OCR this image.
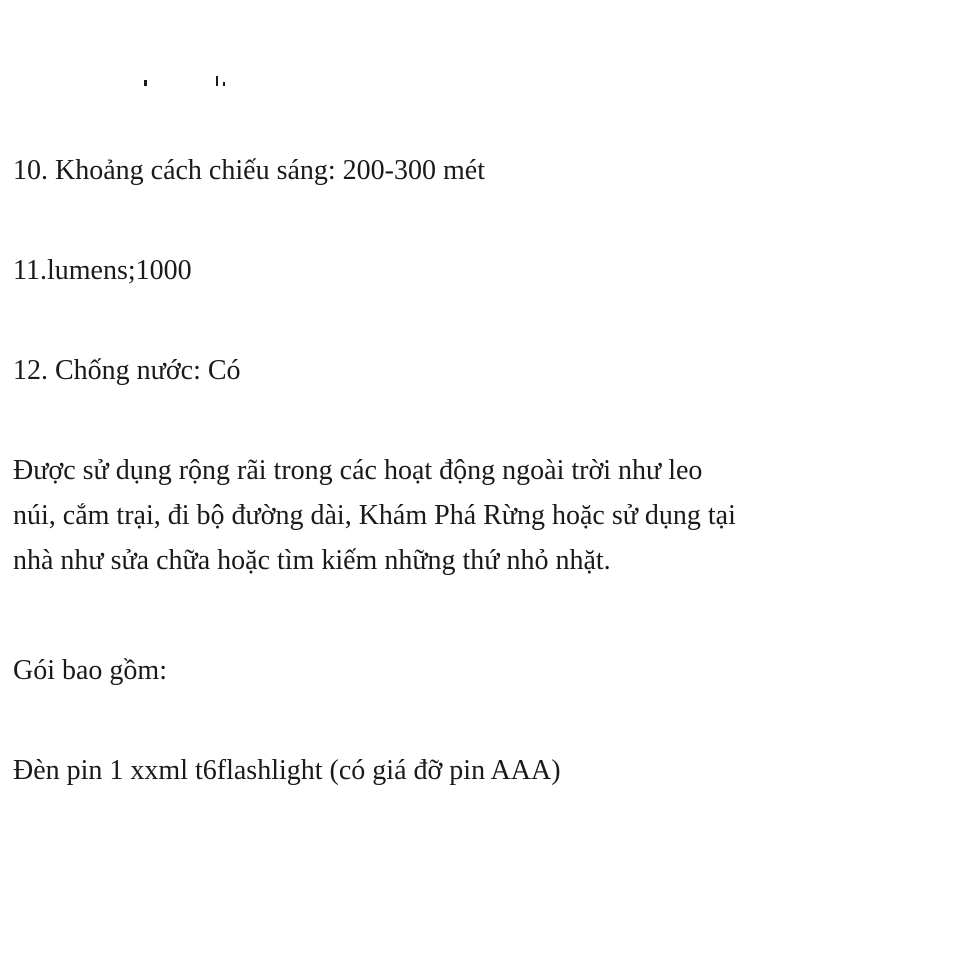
10. Khoảng cách chiếu sáng: 200-300 mét

11.lumens;1000

12. Chống nước: Có

Được sử dụng rộng rãi trong các hoạt động ngoài trời như leo
núi, cắm trại, đi bộ đường dài, Khám Phá Rừng hoặc sử dụng tại
nhà như sửa chữa hoặc tìm kiếm những thứ nhỏ nhặt.

Gói bao gồm:

Đèn pin 1 xxml t6flashlight (có giá đỡ pin AAA)
